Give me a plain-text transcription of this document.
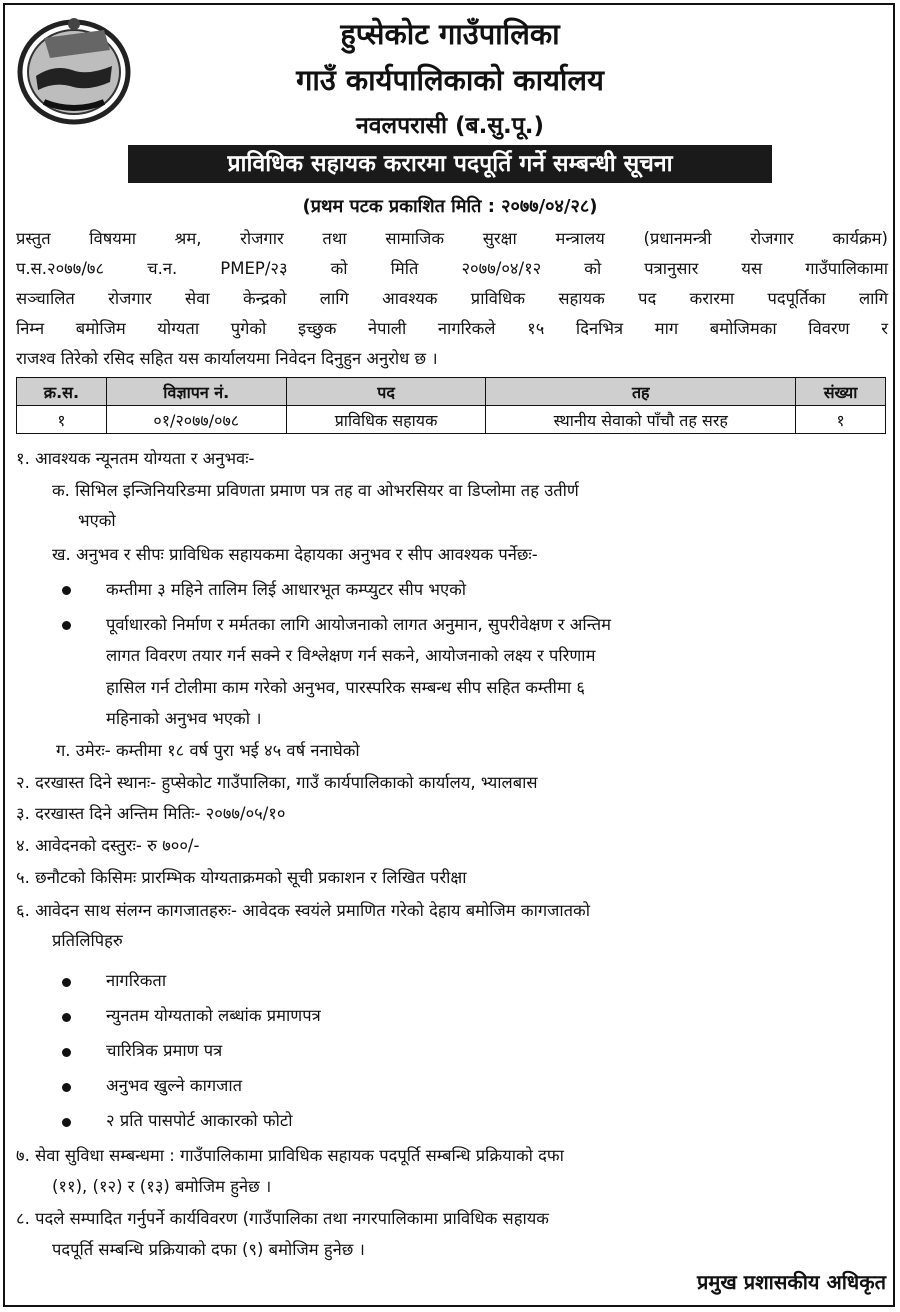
हुप्सेकोट गाउँपालिका
गाउँ कार्यपालिकाको कार्यालय
नवलपरासी (ब.सु.पू.)
प्राविधिक सहायक करारमा पदपूर्ति गर्ने सम्बन्धी सूचना
(प्रथम पटक प्रकाशित मिति : २०७७/०४/२८)
प्रस्तुत विषयमा श्रम, रोजगार तथा सामाजिक सुरक्षा मन्त्रालय (प्रधानमन्त्री रोजगार कार्यक्रम)
प.स.२०७७/७८ च.न. PMEP/२३ को मिति २०७७/०४/१२ को पत्रानुसार यस गाउँपालिकामा
सञ्चालित रोजगार सेवा केन्द्रको लागि आवश्यक प्राविधिक सहायक पद करारमा पदपूर्तिका लागि
निम्न बमोजिम योग्यता पुगेको इच्छुक नेपाली नागरिकले १५ दिनभित्र माग बमोजिमका विवरण र
राजश्व तिरेको रसिद सहित यस कार्यालयमा निवेदन दिनुहुन अनुरोध छ ।
क्र.स.	विज्ञापन नं.	पद	तह	संख्या
१	०१/२०७७/०७८	प्राविधिक सहायक	स्थानीय सेवाको पाँचौ तह सरह	१
१. आवश्यक न्यूनतम योग्यता र अनुभवः-
क. सिभिल इन्जिनियरिङमा प्रविणता प्रमाण पत्र तह वा ओभरसियर वा डिप्लोमा तह उतीर्ण
भएको
ख. अनुभव र सीपः प्राविधिक सहायकमा देहायका अनुभव र सीप आवश्यक पर्नेछः-
कम्तीमा ३ महिने तालिम लिई आधारभूत कम्प्युटर सीप भएको
पूर्वाधारको निर्माण र मर्मतका लागि आयोजनाको लागत अनुमान, सुपरीवेक्षण र अन्तिम
लागत विवरण तयार गर्न सक्ने र विश्लेक्षण गर्न सकने, आयोजनाको लक्ष्य र परिणाम
हासिल गर्न टोलीमा काम गरेको अनुभव, पारस्परिक सम्बन्ध सीप सहित कम्तीमा ६
महिनाको अनुभव भएको ।
ग. उमेरः- कम्तीमा १८ वर्ष पुरा भई ४५ वर्ष ननाघेको
२. दरखास्त दिने स्थानः- हुप्सेकोट गाउँपालिका, गाउँ कार्यपालिकाको कार्यालय, भ्यालबास
३. दरखास्त दिने अन्तिम मितिः- २०७७/०५/१०
४. आवेदनको दस्तुरः- रु ७००/-
५. छनौटको किसिमः प्रारम्भिक योग्यताक्रमको सूची प्रकाशन र लिखित परीक्षा
६. आवेदन साथ संलग्न कागजातहरुः- आवेदक स्वयंले प्रमाणित गरेको देहाय बमोजिम कागजातको
प्रतिलिपिहरु
नागरिकता
न्युनतम योग्यताको लब्धांक प्रमाणपत्र
चारित्रिक प्रमाण पत्र
अनुभव खुल्ने कागजात
२ प्रति पासपोर्ट आकारको फोटो
७. सेवा सुविधा सम्बन्धमा : गाउँपालिकामा प्राविधिक सहायक पदपूर्ति सम्बन्धि प्रक्रियाको दफा
(११), (१२) र (१३) बमोजिम हुनेछ ।
८. पदले सम्पादित गर्नुपर्ने कार्यविवरण (गाउँपालिका तथा नगरपालिकामा प्राविधिक सहायक
पदपूर्ति सम्बन्धि प्रक्रियाको दफा (९) बमोजिम हुनेछ ।
प्रमुख प्रशासकीय अधिकृत
